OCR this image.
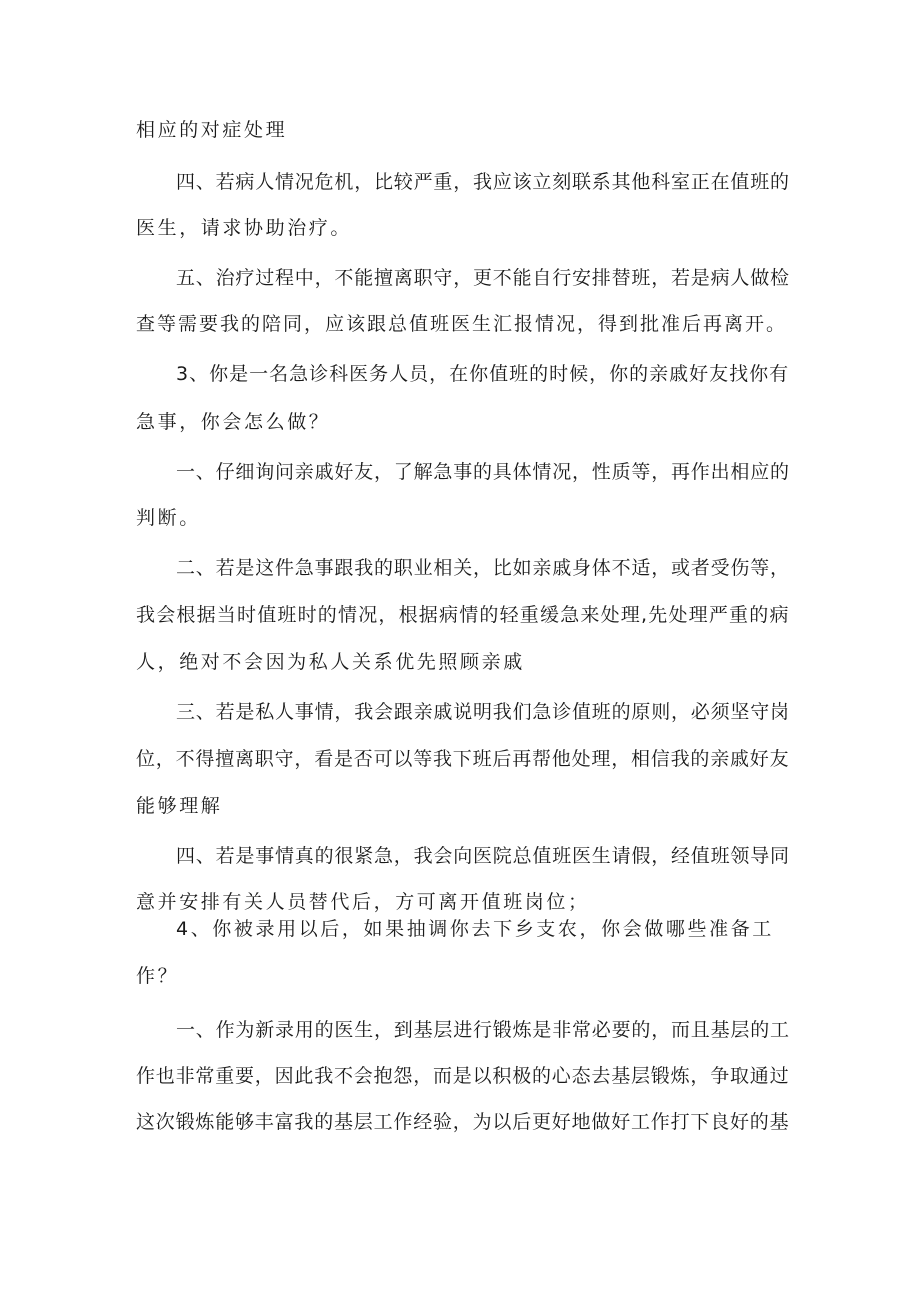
相应的对症处理

四、若病人情况危机，比较严重，我应该立刻联系其他科室正在值班的

医生，请求协助治疗。

五、治疗过程中，不能擅离职守，更不能自行安排替班，若是病人做检

查等需要我的陪同，应该跟总值班医生汇报情况，得到批准后再离开。

3、你是一名急诊科医务人员，在你值班的时候，你的亲戚好友找你有

急事，你会怎么做？

一、仔细询问亲戚好友，了解急事的具体情况，性质等，再作出相应的

判断。

二、若是这件急事跟我的职业相关，比如亲戚身体不适，或者受伤等，

我会根据当时值班时的情况，根据病情的轻重缓急来处理,先处理严重的病

人，绝对不会因为私人关系优先照顾亲戚

三、若是私人事情，我会跟亲戚说明我们急诊值班的原则，必须坚守岗

位，不得擅离职守，看是否可以等我下班后再帮他处理，相信我的亲戚好友

能够理解

四、若是事情真的很紧急，我会向医院总值班医生请假，经值班领导同

意并安排有关人员替代后，方可离开值班岗位；

4、你被录用以后，如果抽调你去下乡支农，你会做哪些准备工

作？

一、作为新录用的医生，到基层进行锻炼是非常必要的，而且基层的工

作也非常重要，因此我不会抱怨，而是以积极的心态去基层锻炼，争取通过

这次锻炼能够丰富我的基层工作经验，为以后更好地做好工作打下良好的基
